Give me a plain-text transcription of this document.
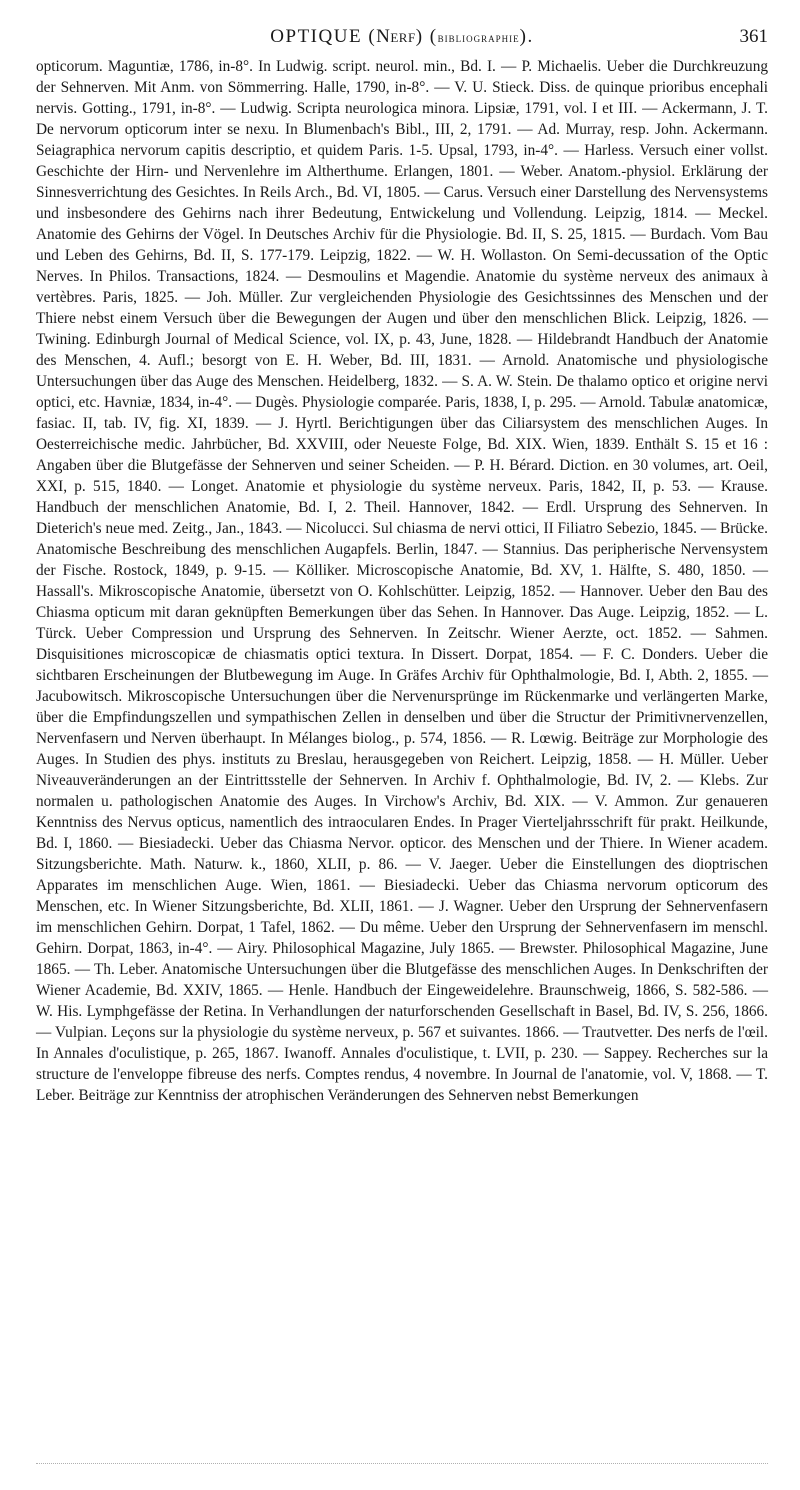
OPTIQUE (Nerf) (bibliographie).	361

opticorum. Maguntiæ, 1786, in-8°. In Ludwig. script. neurol. min., Bd. I. — P. Michaelis. Ueber die Durchkreuzung der Sehnerven. Mit Anm. von Sömmerring. Halle, 1790, in-8°. — V. U. Stieck. Diss. de quinque prioribus encephali nervis. Gotting., 1791, in-8°. — Ludwig. Scripta neurologica minora. Lipsiæ, 1791, vol. I et III. — Ackermann, J. T. De nervorum opticorum inter se nexu. In Blumenbach's Bibl., III, 2, 1791. — Ad. Murray, resp. John. Ackermann. Seiagraphica nervorum capitis descriptio, et quidem Paris. 1-5. Upsal, 1793, in-4°. — Harless. Versuch einer vollst. Geschichte der Hirn- und Nervenlehre im Altherthume. Erlangen, 1801. — Weber. Anatom.-physiol. Erklärung der Sinnesverrichtung des Gesichtes. In Reils Arch., Bd. VI, 1805. — Carus. Versuch einer Darstellung des Nervensystems und insbesondere des Gehirns nach ihrer Bedeutung, Entwickelung und Vollendung. Leipzig, 1814. — Meckel. Anatomie des Gehirns der Vögel. In Deutsches Archiv für die Physiologie. Bd. II, S. 25, 1815. — Burdach. Vom Bau und Leben des Gehirns, Bd. II, S. 177-179. Leipzig, 1822. — W. H. Wollaston. On Semi-decussation of the Optic Nerves. In Philos. Transactions, 1824. — Desmoulins et Magendie. Anatomie du système nerveux des animaux à vertèbres. Paris, 1825. — Joh. Müller. Zur vergleichenden Physiologie des Gesichtssinnes des Menschen und der Thiere nebst einem Versuch über die Bewegungen der Augen und über den menschlichen Blick. Leipzig, 1826. — Twining. Edinburgh Journal of Medical Science, vol. IX, p. 43, June, 1828. — Hildebrandt Handbuch der Anatomie des Menschen, 4. Aufl.; besorgt von E. H. Weber, Bd. III, 1831. — Arnold. Anatomische und physiologische Untersuchungen über das Auge des Menschen. Heidelberg, 1832. — S. A. W. Stein. De thalamo optico et origine nervi optici, etc. Havniæ, 1834, in-4°. — Dugès. Physiologie comparée. Paris, 1838, I, p. 295. — Arnold. Tabulæ anatomicæ, fasiac. II, tab. IV, fig. XI, 1839. — J. Hyrtl. Berichtigungen über das Ciliarsystem des menschlichen Auges. In Oesterreichische medic. Jahrbücher, Bd. XXVIII, oder Neueste Folge, Bd. XIX. Wien, 1839. Enthält S. 15 et 16 : Angaben über die Blutgefässe der Sehnerven und seiner Scheiden. — P. H. Bérard. Diction. en 30 volumes, art. Oeil, XXI, p. 515, 1840. — Longet. Anatomie et physiologie du système nerveux. Paris, 1842, II, p. 53. — Krause. Handbuch der menschlichen Anatomie, Bd. I, 2. Theil. Hannover, 1842. — Erdl. Ursprung des Sehnerven. In Dieterich's neue med. Zeitg., Jan., 1843. — Nicolucci. Sul chiasma de nervi ottici, II Filiatro Sebezio, 1845. — Brücke. Anatomische Beschreibung des menschlichen Augapfels. Berlin, 1847. — Stannius. Das peripherische Nervensystem der Fische. Rostock, 1849, p. 9-15. — Kölliker. Microscopische Anatomie, Bd. XV, 1. Hälfte, S. 480, 1850. — Hassall's. Mikroscopische Anatomie, übersetzt von O. Kohlschütter. Leipzig, 1852. — Hannover. Ueber den Bau des Chiasma opticum mit daran geknüpften Bemerkungen über das Sehen. In Hannover. Das Auge. Leipzig, 1852. — L. Türck. Ueber Compression und Ursprung des Sehnerven. In Zeitschr. Wiener Aerzte, oct. 1852. — Sahmen. Disquisitiones microscopicæ de chiasmatis optici textura. In Dissert. Dorpat, 1854. — F. C. Donders. Ueber die sichtbaren Erscheinungen der Blutbewegung im Auge. In Gräfes Archiv für Ophthalmologie, Bd. I, Abth. 2, 1855. — Jacubowitsch. Mikroscopische Untersuchungen über die Nervenursprünge im Rückenmarke und verlängerten Marke, über die Empfindungszellen und sympathischen Zellen in denselben und über die Structur der Primitivnervenzellen, Nervenfasern und Nerven überhaupt. In Mélanges biolog., p. 574, 1856. — R. Lœwig. Beiträge zur Morphologie des Auges. In Studien des phys. instituts zu Breslau, herausgegeben von Reichert. Leipzig, 1858. — H. Müller. Ueber Niveauveränderungen an der Eintrittsstelle der Sehnerven. In Archiv f. Ophthalmologie, Bd. IV, 2. — Klebs. Zur normalen u. pathologischen Anatomie des Auges. In Virchow's Archiv, Bd. XIX. — V. Ammon. Zur genaueren Kenntniss des Nervus opticus, namentlich des intraocularen Endes. In Prager Vierteljahrsschrift für prakt. Heilkunde, Bd. I, 1860. — Biesiadecki. Ueber das Chiasma Nervor. opticor. des Menschen und der Thiere. In Wiener academ. Sitzungsberichte. Math. Naturw. k., 1860, XLII, p. 86. — V. Jaeger. Ueber die Einstellungen des dioptrischen Apparates im menschlichen Auge. Wien, 1861. — Biesiadecki. Ueber das Chiasma nervorum opticorum des Menschen, etc. In Wiener Sitzungsberichte, Bd. XLII, 1861. — J. Wagner. Ueber den Ursprung der Sehnervenfasern im menschlichen Gehirn. Dorpat, 1 Tafel, 1862. — Du même. Ueber den Ursprung der Sehnervenfasern im menschl. Gehirn. Dorpat, 1863, in-4°. — Airy. Philosophical Magazine, July 1865. — Brewster. Philosophical Magazine, June 1865. — Th. Leber. Anatomische Untersuchungen über die Blutgefässe des menschlichen Auges. In Denkschriften der Wiener Academie, Bd. XXIV, 1865. — Henle. Handbuch der Eingeweidelehre. Braunschweig, 1866, S. 582-586. — W. His. Lymphgefässe der Retina. In Verhandlungen der naturforschenden Gesellschaft in Basel, Bd. IV, S. 256, 1866. — Vulpian. Leçons sur la physiologie du système nerveux, p. 567 et suivantes. 1866. — Trautvetter. Des nerfs de l'œil. In Annales d'oculistique, p. 265, 1867. Iwanoff. Annales d'oculistique, t. LVII, p. 230. — Sappey. Recherches sur la structure de l'enveloppe fibreuse des nerfs. Comptes rendus, 4 novembre. In Journal de l'anatomie, vol. V, 1868. — T. Leber. Beiträge zur Kenntniss der atrophischen Veränderungen des Sehnerven nebst Bemerkungen
